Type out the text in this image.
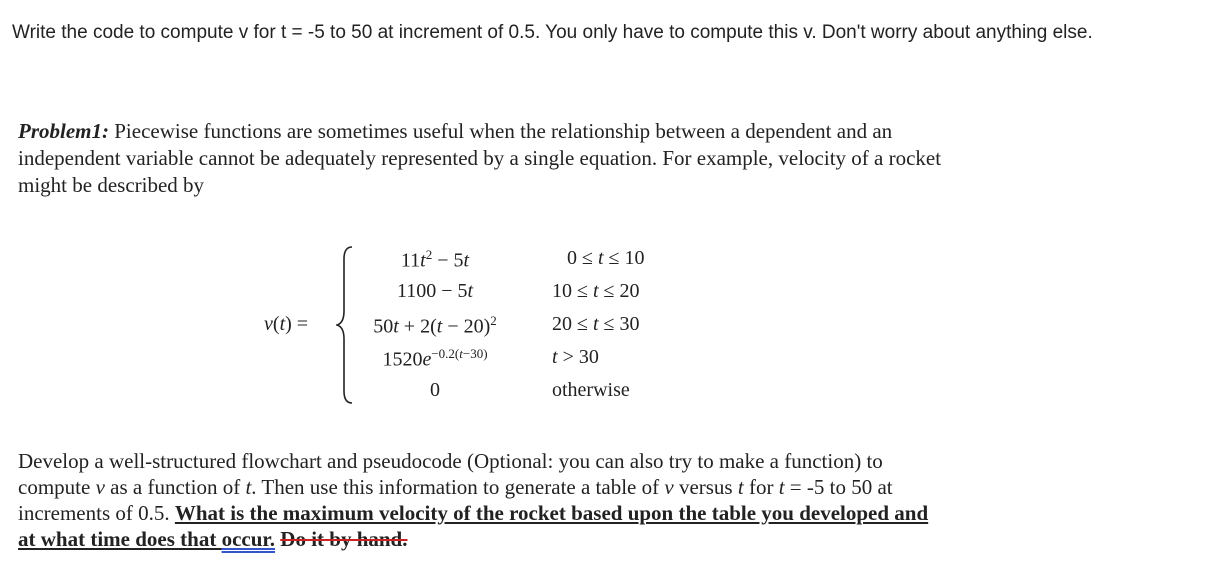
Write the code to compute v for t = -5 to 50 at increment of 0.5. You only have to compute this v. Don't worry about anything else.
Problem1: Piecewise functions are sometimes useful when the relationship between a dependent and an independent variable cannot be adequately represented by a single equation. For example, velocity of a rocket might be described by
v(t) =
$11t^2 - 5t$	0 ≤ t ≤ 10
1100 − 5t	10 ≤ t ≤ 20
$50t + 2(t - 20)^2$	20 ≤ t ≤ 30
$1520e^{-0.2(t-30)}$	t > 30
0	otherwise
Develop a well-structured flowchart and pseudocode (Optional: you can also try to make a function) to compute v as a function of t. Then use this information to generate a table of v versus t for t = -5 to 50 at increments of 0.5. What is the maximum velocity of the rocket based upon the table you developed and at what time does that occur. Do it by hand.
